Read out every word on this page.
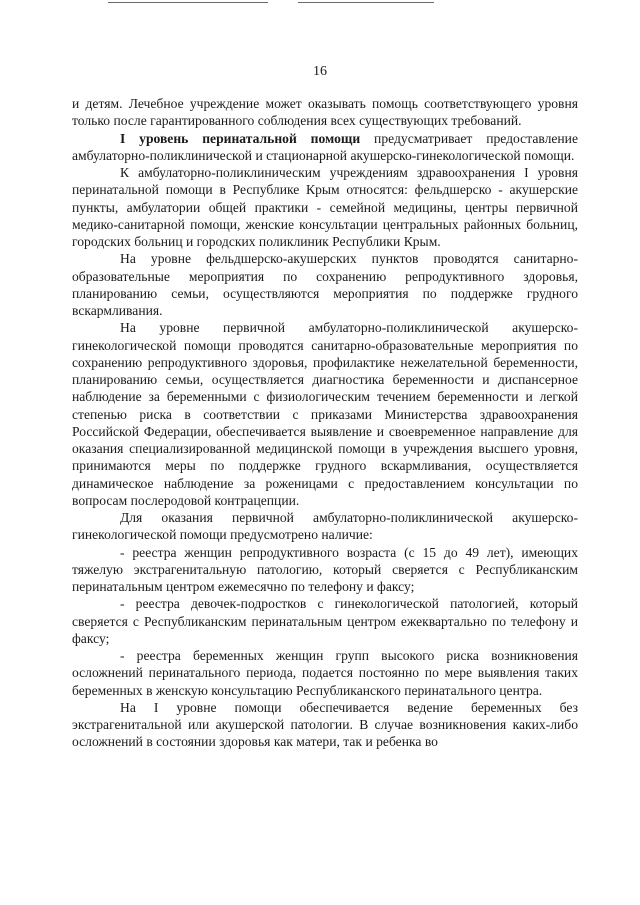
16

и детям. Лечебное учреждение может оказывать помощь соответствующего уровня только после гарантированного соблюдения всех существующих требований.

I уровень перинатальной помощи предусматривает предоставление амбулаторно-поликлинической и стационарной акушерско-гинекологической помощи.

К амбулаторно-поликлиническим учреждениям здравоохранения I уровня перинатальной помощи в Республике Крым относятся: фельдшерско - акушерские пункты, амбулатории общей практики - семейной медицины, центры первичной медико-санитарной помощи, женские консультации центральных районных больниц, городских больниц и городских поликлиник Республики Крым.

На уровне фельдшерско-акушерских пунктов проводятся санитарно-образовательные мероприятия по сохранению репродуктивного здоровья, планированию семьи, осуществляются мероприятия по поддержке грудного вскармливания.

На уровне первичной амбулаторно-поликлинической акушерско-гинекологической помощи проводятся санитарно-образовательные мероприятия по сохранению репродуктивного здоровья, профилактике нежелательной беременности, планированию семьи, осуществляется диагностика беременности и диспансерное наблюдение за беременными с физиологическим течением беременности и легкой степенью риска в соответствии с приказами Министерства здравоохранения Российской Федерации, обеспечивается выявление и своевременное направление для оказания специализированной медицинской помощи в учреждения высшего уровня, принимаются меры по поддержке грудного вскармливания, осуществляется динамическое наблюдение за роженицами с предоставлением консультации по вопросам послеродовой контрацепции.

Для оказания первичной амбулаторно-поликлинической акушерско-гинекологической помощи предусмотрено наличие:

- реестра женщин репродуктивного возраста (с 15 до 49 лет), имеющих тяжелую экстрагенитальную патологию, который сверяется с Республиканским перинатальным центром ежемесячно по телефону и факсу;

- реестра девочек-подростков с гинекологической патологией, который сверяется с Республиканским перинатальным центром ежеквартально по телефону и факсу;

- реестра беременных женщин групп высокого риска возникновения осложнений перинатального периода, подается постоянно по мере выявления таких беременных в женскую консультацию Республиканского перинатального центра.

На I уровне помощи обеспечивается ведение беременных без экстрагенитальной или акушерской патологии. В случае возникновения каких-либо осложнений в состоянии здоровья как матери, так и ребенка во
